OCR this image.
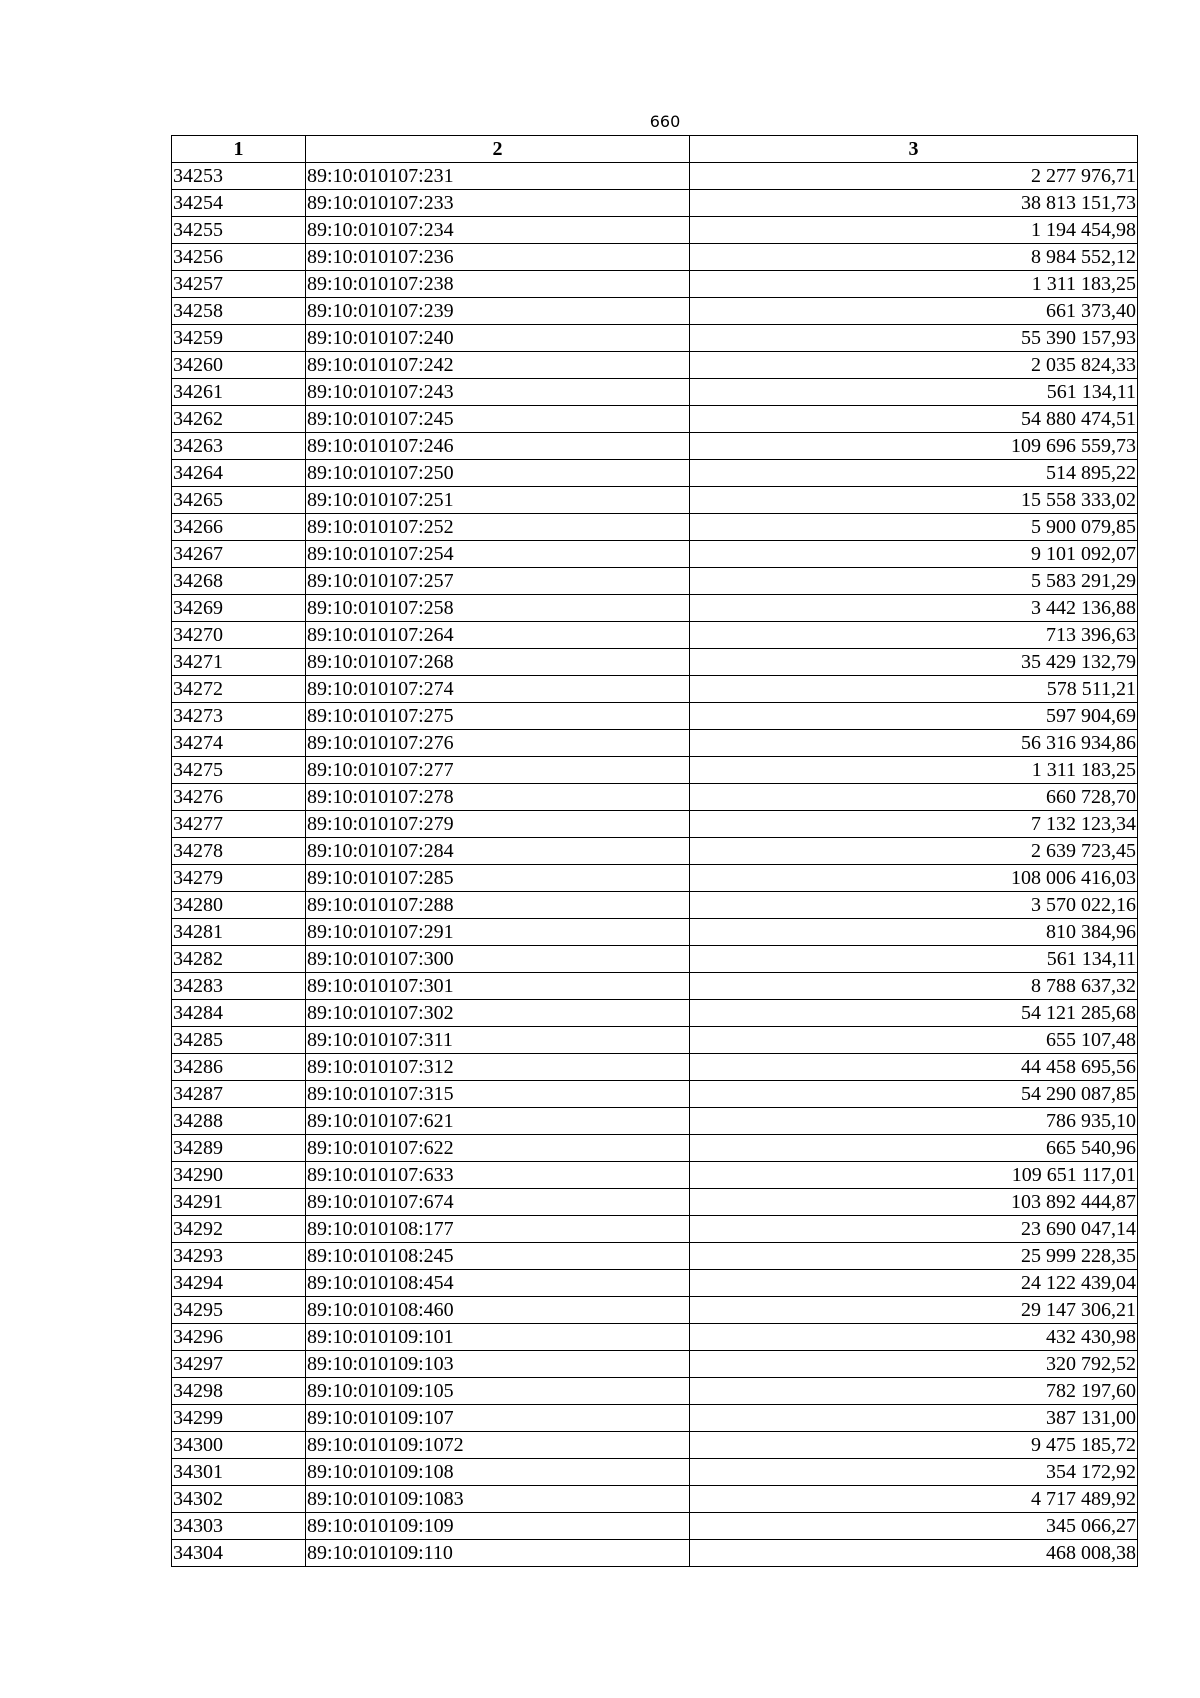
660
1	2	3
34253	89:10:010107:231	2 277 976,71
34254	89:10:010107:233	38 813 151,73
34255	89:10:010107:234	1 194 454,98
34256	89:10:010107:236	8 984 552,12
34257	89:10:010107:238	1 311 183,25
34258	89:10:010107:239	661 373,40
34259	89:10:010107:240	55 390 157,93
34260	89:10:010107:242	2 035 824,33
34261	89:10:010107:243	561 134,11
34262	89:10:010107:245	54 880 474,51
34263	89:10:010107:246	109 696 559,73
34264	89:10:010107:250	514 895,22
34265	89:10:010107:251	15 558 333,02
34266	89:10:010107:252	5 900 079,85
34267	89:10:010107:254	9 101 092,07
34268	89:10:010107:257	5 583 291,29
34269	89:10:010107:258	3 442 136,88
34270	89:10:010107:264	713 396,63
34271	89:10:010107:268	35 429 132,79
34272	89:10:010107:274	578 511,21
34273	89:10:010107:275	597 904,69
34274	89:10:010107:276	56 316 934,86
34275	89:10:010107:277	1 311 183,25
34276	89:10:010107:278	660 728,70
34277	89:10:010107:279	7 132 123,34
34278	89:10:010107:284	2 639 723,45
34279	89:10:010107:285	108 006 416,03
34280	89:10:010107:288	3 570 022,16
34281	89:10:010107:291	810 384,96
34282	89:10:010107:300	561 134,11
34283	89:10:010107:301	8 788 637,32
34284	89:10:010107:302	54 121 285,68
34285	89:10:010107:311	655 107,48
34286	89:10:010107:312	44 458 695,56
34287	89:10:010107:315	54 290 087,85
34288	89:10:010107:621	786 935,10
34289	89:10:010107:622	665 540,96
34290	89:10:010107:633	109 651 117,01
34291	89:10:010107:674	103 892 444,87
34292	89:10:010108:177	23 690 047,14
34293	89:10:010108:245	25 999 228,35
34294	89:10:010108:454	24 122 439,04
34295	89:10:010108:460	29 147 306,21
34296	89:10:010109:101	432 430,98
34297	89:10:010109:103	320 792,52
34298	89:10:010109:105	782 197,60
34299	89:10:010109:107	387 131,00
34300	89:10:010109:1072	9 475 185,72
34301	89:10:010109:108	354 172,92
34302	89:10:010109:1083	4 717 489,92
34303	89:10:010109:109	345 066,27
34304	89:10:010109:110	468 008,38
